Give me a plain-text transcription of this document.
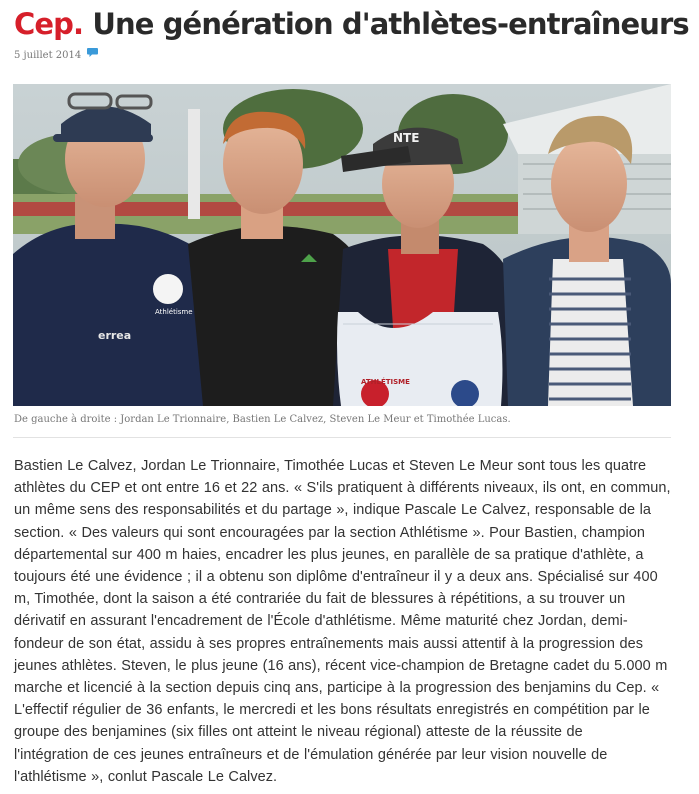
Cep. Une génération d'athlètes-entraîneurs
5 juillet 2014
Athlétisme
errea
NTE
ATHLÉTISME
De gauche à droite : Jordan Le Trionnaire, Bastien Le Calvez, Steven Le Meur et Timothée Lucas.
Bastien Le Calvez, Jordan Le Trionnaire, Timothée Lucas et Steven Le Meur sont tous les quatre
athlètes du CEP et ont entre 16 et 22 ans. « S'ils pratiquent à différents niveaux, ils ont, en commun,
un même sens des responsabilités et du partage », indique Pascale Le Calvez, responsable de la
section. « Des valeurs qui sont encouragées par la section Athlétisme ». Pour Bastien, champion
départemental sur 400 m haies, encadrer les plus jeunes, en parallèle de sa pratique d'athlète, a
toujours été une évidence ; il a obtenu son diplôme d'entraîneur il y a deux ans. Spécialisé sur 400
m, Timothée, dont la saison a été contrariée du fait de blessures à répétitions, a su trouver un
dérivatif en assurant l'encadrement de l'École d'athlétisme. Même maturité chez Jordan, demi-
fondeur de son état, assidu à ses propres entraînements mais aussi attentif à la progression des
jeunes athlètes. Steven, le plus jeune (16 ans), récent vice-champion de Bretagne cadet du 5.000 m
marche et licencié à la section depuis cinq ans, participe à la progression des benjamins du Cep. «
L'effectif régulier de 36 enfants, le mercredi et les bons résultats enregistrés en compétition par le
groupe des benjamines (six filles ont atteint le niveau régional) atteste de la réussite de
l'intégration de ces jeunes entraîneurs et de l'émulation générée par leur vision nouvelle de
l'athlétisme », conlut Pascale Le Calvez.
